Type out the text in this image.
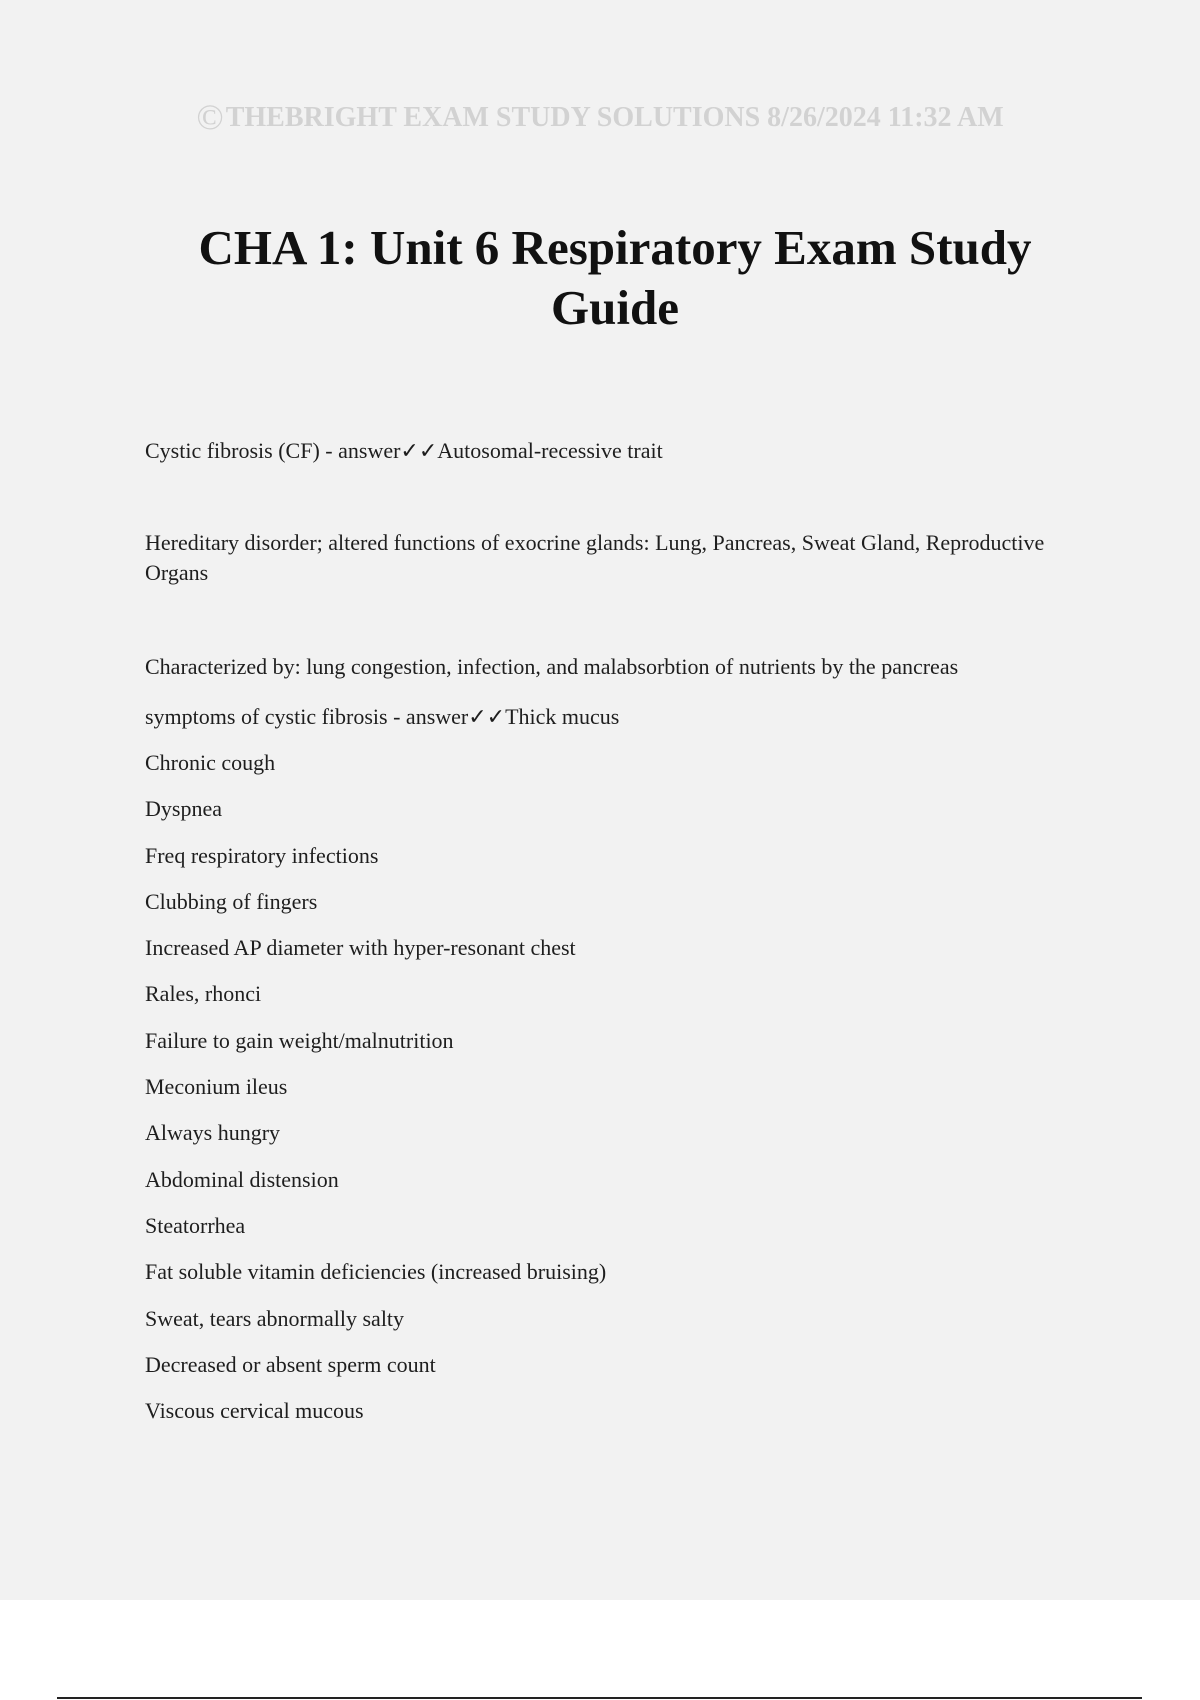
©THEBRIGHT EXAM STUDY SOLUTIONS 8/26/2024 11:32 AM
CHA 1: Unit 6 Respiratory Exam Study Guide

Cystic fibrosis (CF) - answer✓✓Autosomal-recessive trait

Hereditary disorder; altered functions of exocrine glands: Lung, Pancreas, Sweat Gland, Reproductive Organs

Characterized by: lung congestion, infection, and malabsorbtion of nutrients by the pancreas

symptoms of cystic fibrosis - answer✓✓Thick mucus

Chronic cough
Dyspnea
Freq respiratory infections
Clubbing of fingers
Increased AP diameter with hyper-resonant chest
Rales, rhonci
Failure to gain weight/malnutrition
Meconium ileus
Always hungry
Abdominal distension
Steatorrhea
Fat soluble vitamin deficiencies (increased bruising)
Sweat, tears abnormally salty
Decreased or absent sperm count
Viscous cervical mucous
